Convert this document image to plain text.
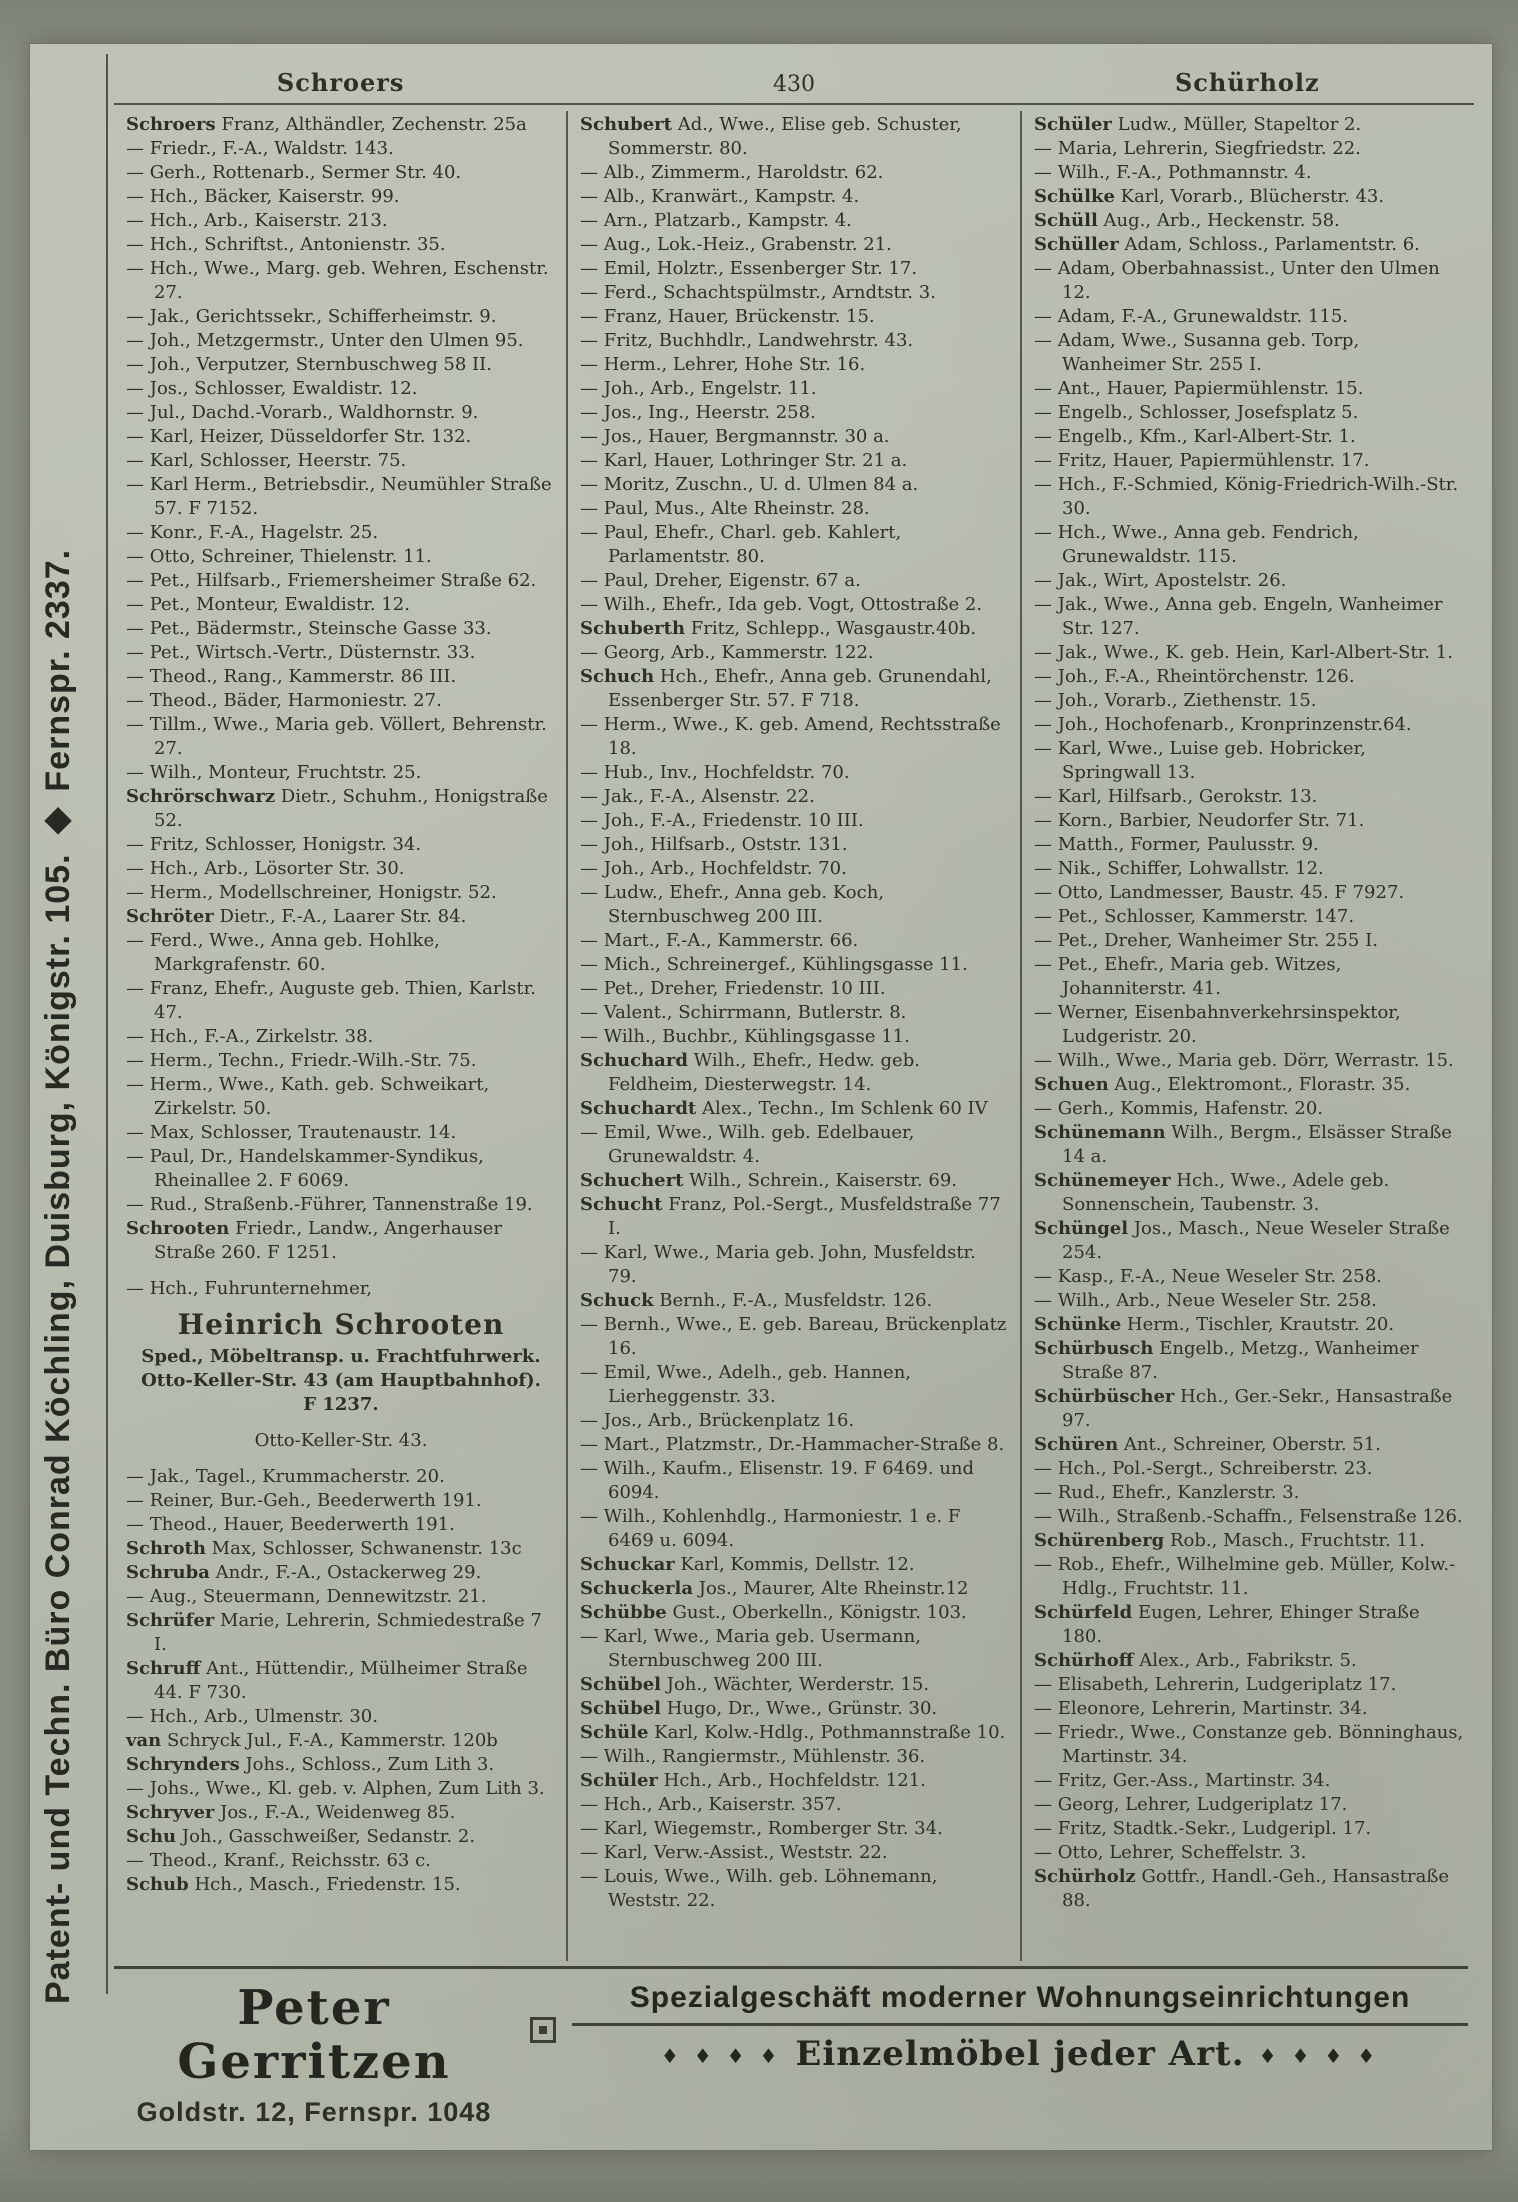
Patent- und Techn. Büro Conrad Köchling, Duisburg, Königstr. 105. ◆ Fernspr. 2337.
Schroers	430	Schürholz
Schroers Franz, Althändler, Zechenstr. 25a
— Friedr., F.-A., Waldstr. 143.
— Gerh., Rottenarb., Sermer Str. 40.
— Hch., Bäcker, Kaiserstr. 99.
— Hch., Arb., Kaiserstr. 213.
— Hch., Schriftst., Antonienstr. 35.
— Hch., Wwe., Marg. geb. Wehren, Eschenstr. 27.
— Jak., Gerichtssekr., Schifferheimstr. 9.
— Joh., Metzgermstr., Unter den Ulmen 95.
— Joh., Verputzer, Sternbuschweg 58 II.
— Jos., Schlosser, Ewaldistr. 12.
— Jul., Dachd.-Vorarb., Waldhornstr. 9.
— Karl, Heizer, Düsseldorfer Str. 132.
— Karl, Schlosser, Heerstr. 75.
— Karl Herm., Betriebsdir., Neumühler Straße 57. F 7152.
— Konr., F.-A., Hagelstr. 25.
— Otto, Schreiner, Thielenstr. 11.
— Pet., Hilfsarb., Friemersheimer Straße 62.
— Pet., Monteur, Ewaldistr. 12.
— Pet., Bädermstr., Steinsche Gasse 33.
— Pet., Wirtsch.-Vertr., Düsternstr. 33.
— Theod., Rang., Kammerstr. 86 III.
— Theod., Bäder, Harmoniestr. 27.
— Tillm., Wwe., Maria geb. Völlert, Behrenstr. 27.
— Wilh., Monteur, Fruchtstr. 25.
Schrörschwarz Dietr., Schuhm., Honigstraße 52.
— Fritz, Schlosser, Honigstr. 34.
— Hch., Arb., Lösorter Str. 30.
— Herm., Modellschreiner, Honigstr. 52.
Schröter Dietr., F.-A., Laarer Str. 84.
— Ferd., Wwe., Anna geb. Hohlke, Markgrafenstr. 60.
— Franz, Ehefr., Auguste geb. Thien, Karlstr. 47.
— Hch., F.-A., Zirkelstr. 38.
— Herm., Techn., Friedr.-Wilh.-Str. 75.
— Herm., Wwe., Kath. geb. Schweikart, Zirkelstr. 50.
— Max, Schlosser, Trautenaustr. 14.
— Paul, Dr., Handelskammer-Syndikus, Rheinallee 2. F 6069.
— Rud., Straßenb.-Führer, Tannenstraße 19.
Schrooten Friedr., Landw., Angerhauser Straße 260. F 1251.
— Hch., Fuhrunternehmer,
Heinrich Schrooten
Sped., Möbeltransp. u. Frachtfuhrwerk.
Otto-Keller-Str. 43 (am Hauptbahnhof).
F 1237.
Otto-Keller-Str. 43.
— Jak., Tagel., Krummacherstr. 20.
— Reiner, Bur.-Geh., Beederwerth 191.
— Theod., Hauer, Beederwerth 191.
Schroth Max, Schlosser, Schwanenstr. 13c
Schruba Andr., F.-A., Ostackerweg 29.
— Aug., Steuermann, Dennewitzstr. 21.
Schrüfer Marie, Lehrerin, Schmiedestraße 7 I.
Schruff Ant., Hüttendir., Mülheimer Straße 44. F 730.
— Hch., Arb., Ulmenstr. 30.
van Schryck Jul., F.-A., Kammerstr. 120b
Schrynders Johs., Schloss., Zum Lith 3.
— Johs., Wwe., Kl. geb. v. Alphen, Zum Lith 3.
Schryver Jos., F.-A., Weidenweg 85.
Schu Joh., Gasschweißer, Sedanstr. 2.
— Theod., Kranf., Reichsstr. 63 c.
Schub Hch., Masch., Friedenstr. 15.
Schubert Ad., Wwe., Elise geb. Schuster, Sommerstr. 80.
— Alb., Zimmerm., Haroldstr. 62.
— Alb., Kranwärt., Kampstr. 4.
— Arn., Platzarb., Kampstr. 4.
— Aug., Lok.-Heiz., Grabenstr. 21.
— Emil, Holztr., Essenberger Str. 17.
— Ferd., Schachtspülmstr., Arndtstr. 3.
— Franz, Hauer, Brückenstr. 15.
— Fritz, Buchhdlr., Landwehrstr. 43.
— Herm., Lehrer, Hohe Str. 16.
— Joh., Arb., Engelstr. 11.
— Jos., Ing., Heerstr. 258.
— Jos., Hauer, Bergmannstr. 30 a.
— Karl, Hauer, Lothringer Str. 21 a.
— Moritz, Zuschn., U. d. Ulmen 84 a.
— Paul, Mus., Alte Rheinstr. 28.
— Paul, Ehefr., Charl. geb. Kahlert, Parlamentstr. 80.
— Paul, Dreher, Eigenstr. 67 a.
— Wilh., Ehefr., Ida geb. Vogt, Ottostraße 2.
Schuberth Fritz, Schlepp., Wasgaustr.40b.
— Georg, Arb., Kammerstr. 122.
Schuch Hch., Ehefr., Anna geb. Grunendahl, Essenberger Str. 57. F 718.
— Herm., Wwe., K. geb. Amend, Rechtsstraße 18.
— Hub., Inv., Hochfeldstr. 70.
— Jak., F.-A., Alsenstr. 22.
— Joh., F.-A., Friedenstr. 10 III.
— Joh., Hilfsarb., Oststr. 131.
— Joh., Arb., Hochfeldstr. 70.
— Ludw., Ehefr., Anna geb. Koch, Sternbuschweg 200 III.
— Mart., F.-A., Kammerstr. 66.
— Mich., Schreinergef., Kühlingsgasse 11.
— Pet., Dreher, Friedenstr. 10 III.
— Valent., Schirrmann, Butlerstr. 8.
— Wilh., Buchbr., Kühlingsgasse 11.
Schuchard Wilh., Ehefr., Hedw. geb. Feldheim, Diesterwegstr. 14.
Schuchardt Alex., Techn., Im Schlenk 60 IV
— Emil, Wwe., Wilh. geb. Edelbauer, Grunewaldstr. 4.
Schuchert Wilh., Schrein., Kaiserstr. 69.
Schucht Franz, Pol.-Sergt., Musfeldstraße 77 I.
— Karl, Wwe., Maria geb. John, Musfeldstr. 79.
Schuck Bernh., F.-A., Musfeldstr. 126.
— Bernh., Wwe., E. geb. Bareau, Brückenplatz 16.
— Emil, Wwe., Adelh., geb. Hannen, Lierheggenstr. 33.
— Jos., Arb., Brückenplatz 16.
— Mart., Platzmstr., Dr.-Hammacher-Straße 8.
— Wilh., Kaufm., Elisenstr. 19. F 6469. und 6094.
— Wilh., Kohlenhdlg., Harmoniestr. 1 e. F 6469 u. 6094.
Schuckar Karl, Kommis, Dellstr. 12.
Schuckerla Jos., Maurer, Alte Rheinstr.12
Schübbe Gust., Oberkelln., Königstr. 103.
— Karl, Wwe., Maria geb. Usermann, Sternbuschweg 200 III.
Schübel Joh., Wächter, Werderstr. 15.
Schübel Hugo, Dr., Wwe., Grünstr. 30.
Schüle Karl, Kolw.-Hdlg., Pothmannstraße 10.
— Wilh., Rangiermstr., Mühlenstr. 36.
Schüler Hch., Arb., Hochfeldstr. 121.
— Hch., Arb., Kaiserstr. 357.
— Karl, Wiegemstr., Romberger Str. 34.
— Karl, Verw.-Assist., Weststr. 22.
— Louis, Wwe., Wilh. geb. Löhnemann, Weststr. 22.
Schüler Ludw., Müller, Stapeltor 2.
— Maria, Lehrerin, Siegfriedstr. 22.
— Wilh., F.-A., Pothmannstr. 4.
Schülke Karl, Vorarb., Blücherstr. 43.
Schüll Aug., Arb., Heckenstr. 58.
Schüller Adam, Schloss., Parlamentstr. 6.
— Adam, Oberbahnassist., Unter den Ulmen 12.
— Adam, F.-A., Grunewaldstr. 115.
— Adam, Wwe., Susanna geb. Torp, Wanheimer Str. 255 I.
— Ant., Hauer, Papiermühlenstr. 15.
— Engelb., Schlosser, Josefsplatz 5.
— Engelb., Kfm., Karl-Albert-Str. 1.
— Fritz, Hauer, Papiermühlenstr. 17.
— Hch., F.-Schmied, König-Friedrich-Wilh.-Str. 30.
— Hch., Wwe., Anna geb. Fendrich, Grunewaldstr. 115.
— Jak., Wirt, Apostelstr. 26.
— Jak., Wwe., Anna geb. Engeln, Wanheimer Str. 127.
— Jak., Wwe., K. geb. Hein, Karl-Albert-Str. 1.
— Joh., F.-A., Rheintörchenstr. 126.
— Joh., Vorarb., Ziethenstr. 15.
— Joh., Hochofenarb., Kronprinzenstr.64.
— Karl, Wwe., Luise geb. Hobricker, Springwall 13.
— Karl, Hilfsarb., Gerokstr. 13.
— Korn., Barbier, Neudorfer Str. 71.
— Matth., Former, Paulusstr. 9.
— Nik., Schiffer, Lohwallstr. 12.
— Otto, Landmesser, Baustr. 45. F 7927.
— Pet., Schlosser, Kammerstr. 147.
— Pet., Dreher, Wanheimer Str. 255 I.
— Pet., Ehefr., Maria geb. Witzes, Johanniterstr. 41.
— Werner, Eisenbahnverkehrsinspektor, Ludgeristr. 20.
— Wilh., Wwe., Maria geb. Dörr, Werrastr. 15.
Schuen Aug., Elektromont., Florastr. 35.
— Gerh., Kommis, Hafenstr. 20.
Schünemann Wilh., Bergm., Elsässer Straße 14 a.
Schünemeyer Hch., Wwe., Adele geb. Sonnenschein, Taubenstr. 3.
Schüngel Jos., Masch., Neue Weseler Straße 254.
— Kasp., F.-A., Neue Weseler Str. 258.
— Wilh., Arb., Neue Weseler Str. 258.
Schünke Herm., Tischler, Krautstr. 20.
Schürbusch Engelb., Metzg., Wanheimer Straße 87.
Schürbüscher Hch., Ger.-Sekr., Hansastraße 97.
Schüren Ant., Schreiner, Oberstr. 51.
— Hch., Pol.-Sergt., Schreiberstr. 23.
— Rud., Ehefr., Kanzlerstr. 3.
— Wilh., Straßenb.-Schaffn., Felsenstraße 126.
Schürenberg Rob., Masch., Fruchtstr. 11.
— Rob., Ehefr., Wilhelmine geb. Müller, Kolw.-Hdlg., Fruchtstr. 11.
Schürfeld Eugen, Lehrer, Ehinger Straße 180.
Schürhoff Alex., Arb., Fabrikstr. 5.
— Elisabeth, Lehrerin, Ludgeriplatz 17.
— Eleonore, Lehrerin, Martinstr. 34.
— Friedr., Wwe., Constanze geb. Bönninghaus, Martinstr. 34.
— Fritz, Ger.-Ass., Martinstr. 34.
— Georg, Lehrer, Ludgeriplatz 17.
— Fritz, Stadtk.-Sekr., Ludgeripl. 17.
— Otto, Lehrer, Scheffelstr. 3.
Schürholz Gottfr., Handl.-Geh., Hansastraße 88.
Peter Gerritzen
Goldstr. 12, Fernspr. 1048
Spezialgeschäft moderner Wohnungseinrichtungen
♦ ♦ ♦ ♦ Einzelmöbel jeder Art. ♦ ♦ ♦ ♦
